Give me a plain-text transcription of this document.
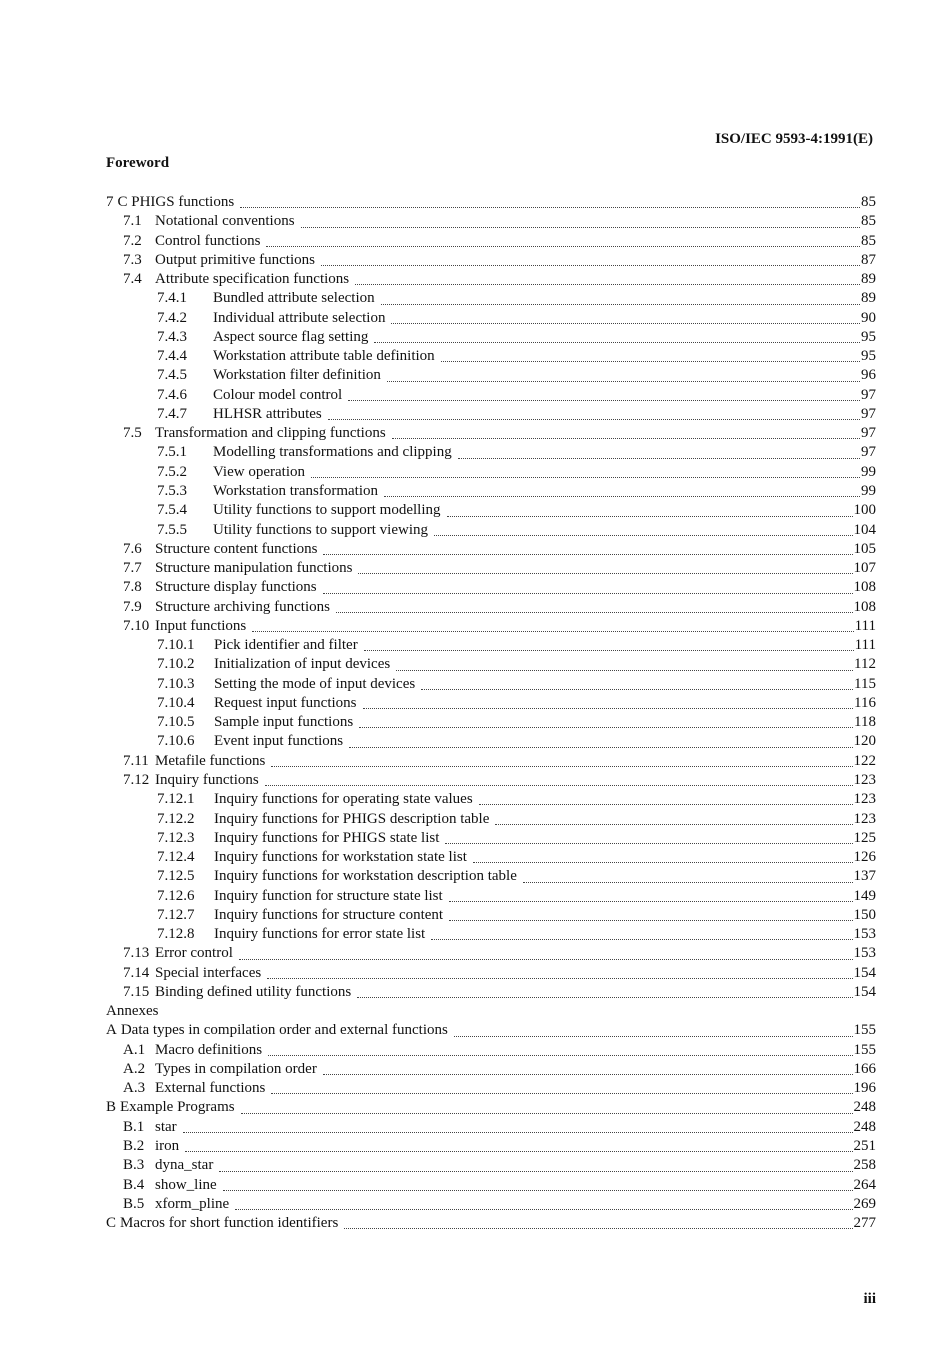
ISO/IEC 9593-4:1991(E)
Foreword
7 C PHIGS functions	85
7.1 Notational conventions	85
7.2 Control functions	85
7.3 Output primitive functions	87
7.4 Attribute specification functions	89
7.4.1	Bundled attribute selection	89
7.4.2	Individual attribute selection	90
7.4.3	Aspect source flag setting	95
7.4.4	Workstation attribute table definition	95
7.4.5	Workstation filter definition	96
7.4.6	Colour model control	97
7.4.7	HLHSR attributes	97
7.5 Transformation and clipping functions	97
7.5.1	Modelling transformations and clipping	97
7.5.2	View operation	99
7.5.3	Workstation transformation	99
7.5.4	Utility functions to support modelling	100
7.5.5	Utility functions to support viewing	104
7.6 Structure content functions	105
7.7 Structure manipulation functions	107
7.8 Structure display functions	108
7.9 Structure archiving functions	108
7.10 Input functions	111
7.10.1	Pick identifier and filter	111
7.10.2	Initialization of input devices	112
7.10.3	Setting the mode of input devices	115
7.10.4	Request input functions	116
7.10.5	Sample input functions	118
7.10.6	Event input functions	120
7.11 Metafile functions	122
7.12 Inquiry functions	123
7.12.1	Inquiry functions for operating state values	123
7.12.2	Inquiry functions for PHIGS description table	123
7.12.3	Inquiry functions for PHIGS state list	125
7.12.4	Inquiry functions for workstation state list	126
7.12.5	Inquiry functions for workstation description table	137
7.12.6	Inquiry function for structure state list	149
7.12.7	Inquiry functions for structure content	150
7.12.8	Inquiry functions for error state list	153
7.13 Error control	153
7.14 Special interfaces	154
7.15 Binding defined utility functions	154
Annexes
A Data types in compilation order and external functions	155
A.1 Macro definitions	155
A.2 Types in compilation order	166
A.3 External functions	196
B Example Programs	248
B.1 star	248
B.2 iron	251
B.3 dyna_star	258
B.4 show_line	264
B.5 xform_pline	269
C Macros for short function identifiers	277
iii
